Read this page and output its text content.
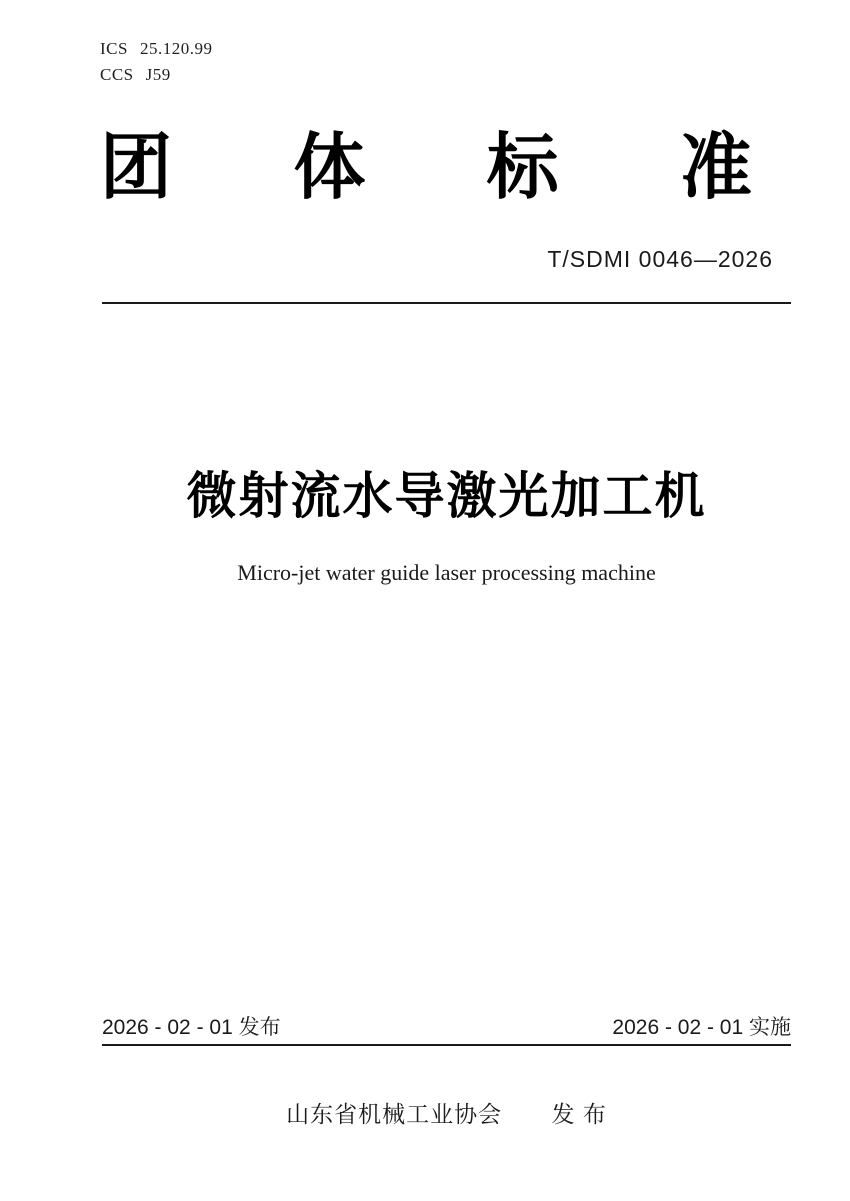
ICS 25.120.99
CCS J59
团 体 标 准
T/SDMI 0046—2026
微射流水导激光加工机
Micro-jet water guide laser processing machine
2026 - 02 - 01 发布	2026 - 02 - 01 实施
山东省机械工业协会 发 布
